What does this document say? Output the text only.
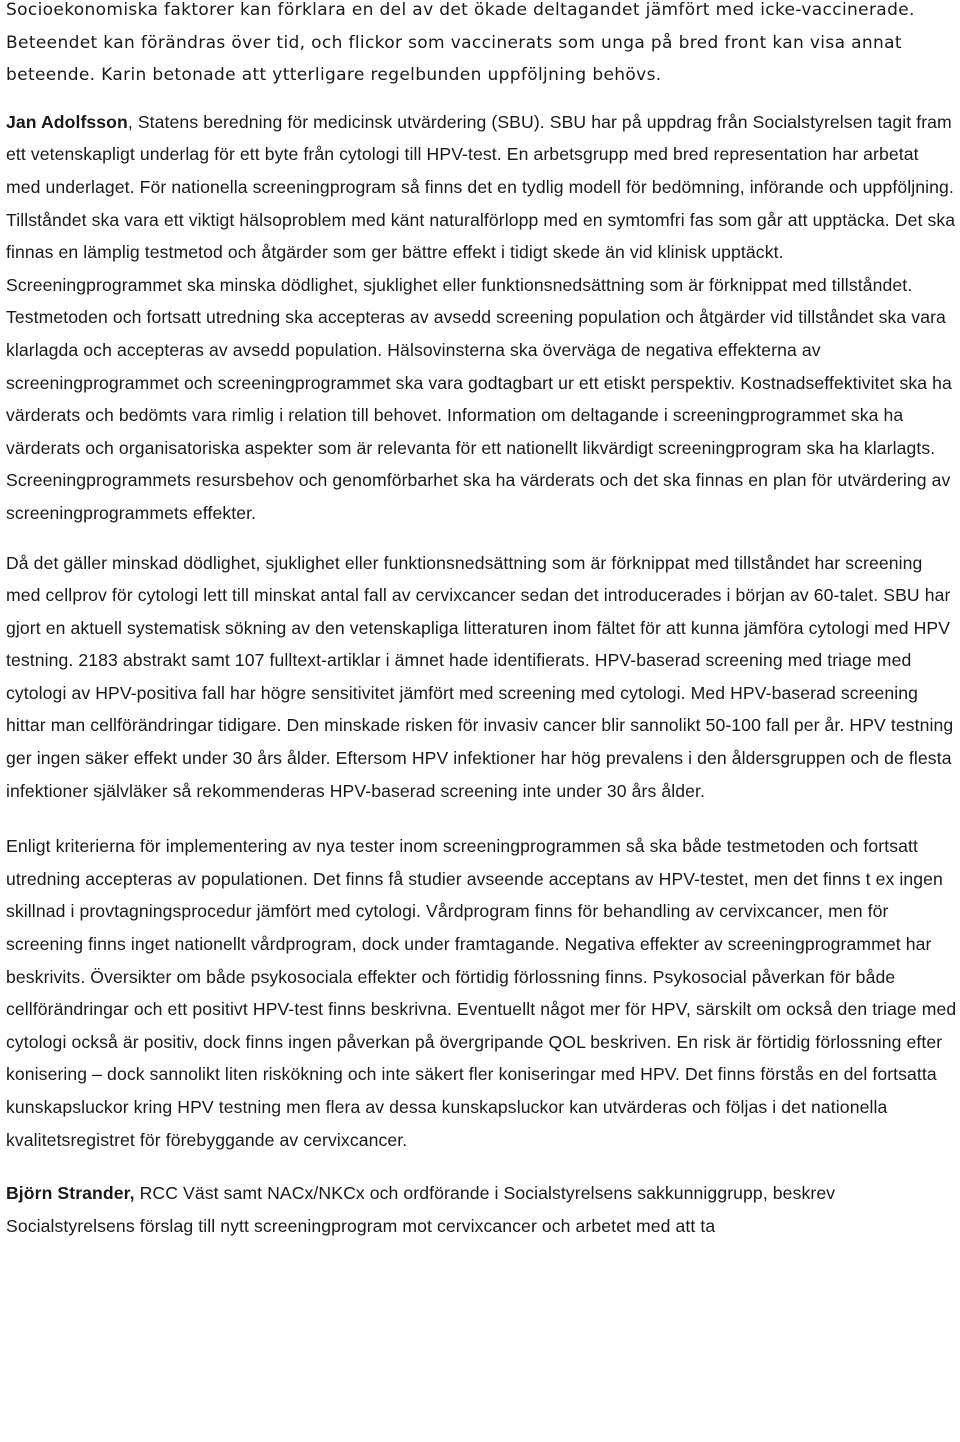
Socioekonomiska faktorer kan förklara en del av det ökade deltagandet jämfört med icke-vaccinerade. Beteendet kan förändras över tid, och flickor som vaccinerats som unga på bred front kan visa annat beteende. Karin betonade att ytterligare regelbunden uppföljning behövs.

Jan Adolfsson, Statens beredning för medicinsk utvärdering (SBU). SBU har på uppdrag från Socialstyrelsen tagit fram ett vetenskapligt underlag för ett byte från cytologi till HPV-test. En arbetsgrupp med bred representation har arbetat med underlaget. För nationella screeningprogram så finns det en tydlig modell för bedömning, införande och uppföljning. Tillståndet ska vara ett viktigt hälsoproblem med känt naturalförlopp med en symtomfri fas som går att upptäcka. Det ska finnas en lämplig testmetod och åtgärder som ger bättre effekt i tidigt skede än vid klinisk upptäckt. Screeningprogrammet ska minska dödlighet, sjuklighet eller funktionsnedsättning som är förknippat med tillståndet. Testmetoden och fortsatt utredning ska accepteras av avsedd screening population och åtgärder vid tillståndet ska vara klarlagda och accepteras av avsedd population. Hälsovinsterna ska överväga de negativa effekterna av screeningprogrammet och screeningprogrammet ska vara godtagbart ur ett etiskt perspektiv. Kostnadseffektivitet ska ha värderats och bedömts vara rimlig i relation till behovet. Information om deltagande i screeningprogrammet ska ha värderats och organisatoriska aspekter som är relevanta för ett nationellt likvärdigt screeningprogram ska ha klarlagts. Screeningprogrammets resursbehov och genomförbarhet ska ha värderats och det ska finnas en plan för utvärdering av screeningprogrammets effekter.

Då det gäller minskad dödlighet, sjuklighet eller funktionsnedsättning som är förknippat med tillståndet har screening med cellprov för cytologi lett till minskat antal fall av cervixcancer sedan det introducerades i början av 60-talet. SBU har gjort en aktuell systematisk sökning av den vetenskapliga litteraturen inom fältet för att kunna jämföra cytologi med HPV testning. 2183 abstrakt samt 107 fulltext-artiklar i ämnet hade identifierats. HPV-baserad screening med triage med cytologi av HPV-positiva fall har högre sensitivitet jämfört med screening med cytologi. Med HPV-baserad screening hittar man cellförändringar tidigare. Den minskade risken för invasiv cancer blir sannolikt 50-100 fall per år. HPV testning ger ingen säker effekt under 30 års ålder. Eftersom HPV infektioner har hög prevalens i den åldersgruppen och de flesta infektioner självläker så rekommenderas HPV-baserad screening inte under 30 års ålder.

Enligt kriterierna för implementering av nya tester inom screeningprogrammen så ska både testmetoden och fortsatt utredning accepteras av populationen. Det finns få studier avseende acceptans av HPV-testet, men det finns t ex ingen skillnad i provtagningsprocedur jämfört med cytologi. Vårdprogram finns för behandling av cervixcancer, men för screening finns inget nationellt vårdprogram, dock under framtagande. Negativa effekter av screeningprogrammet har beskrivits. Översikter om både psykosociala effekter och förtidig förlossning finns. Psykosocial påverkan för både cellförändringar och ett positivt HPV-test finns beskrivna. Eventuellt något mer för HPV, särskilt om också den triage med cytologi också är positiv, dock finns ingen påverkan på övergripande QOL beskriven. En risk är förtidig förlossning efter konisering – dock sannolikt liten riskökning och inte säkert fler koniseringar med HPV. Det finns förstås en del fortsatta kunskapsluckor kring HPV testning men flera av dessa kunskapsluckor kan utvärderas och följas i det nationella kvalitetsregistret för förebyggande av cervixcancer.

Björn Strander, RCC Väst samt NACx/NKCx och ordförande i Socialstyrelsens sakkunniggrupp, beskrev Socialstyrelsens förslag till nytt screeningprogram mot cervixcancer och arbetet med att ta
